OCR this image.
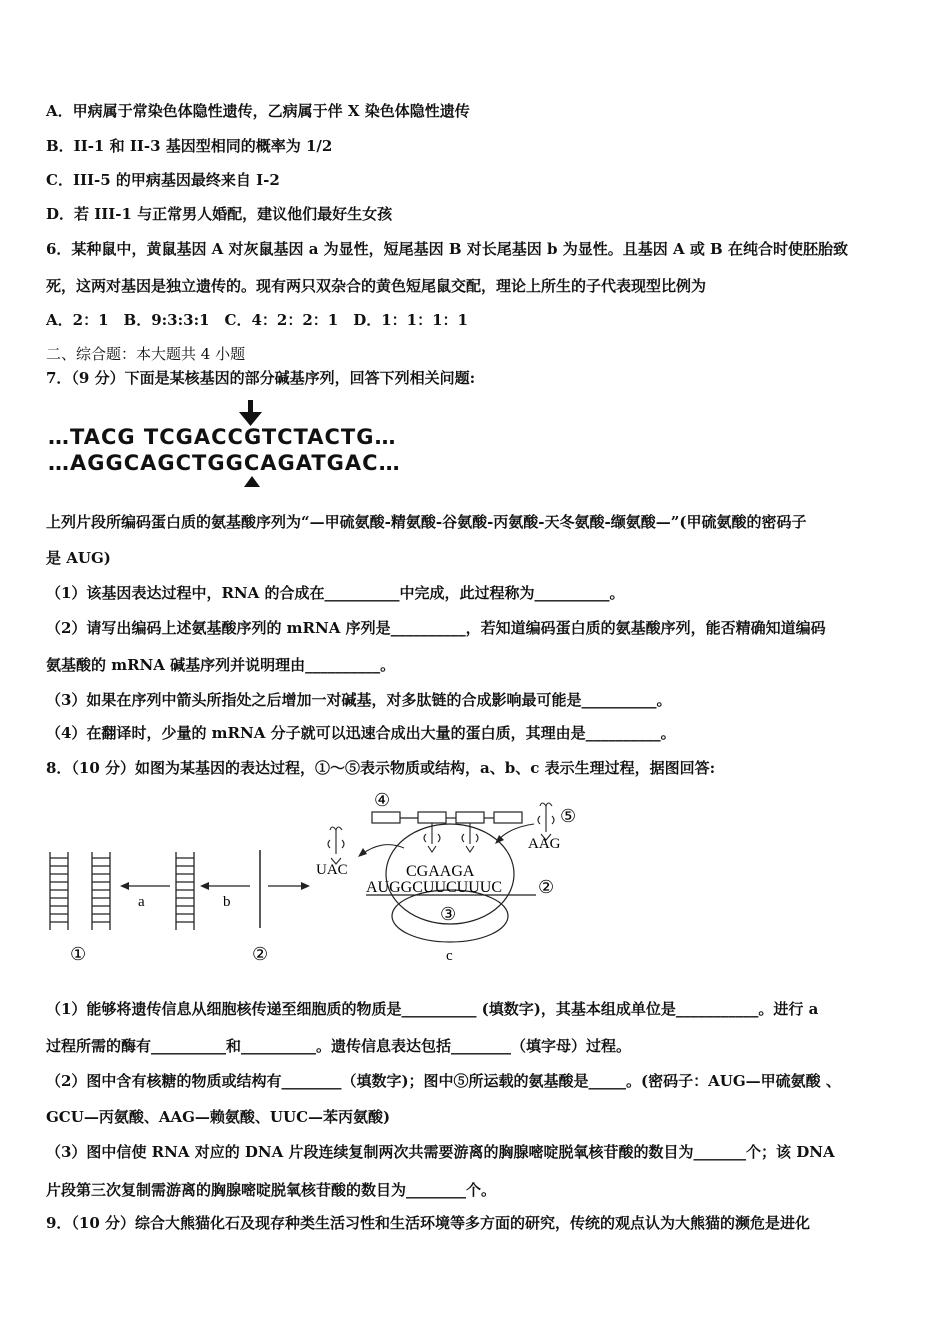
A．甲病属于常染色体隐性遗传，乙病属于伴 X 染色体隐性遗传
B．II-1 和 II-3 基因型相同的概率为 1/2
C．III-5 的甲病基因最终来自 I-2
D．若 III-1 与正常男人婚配，建议他们最好生女孩
6．某种鼠中，黄鼠基因 A 对灰鼠基因 a 为显性，短尾基因 B 对长尾基因 b 为显性。且基因 A 或 B 在纯合时使胚胎致
死，这两对基因是独立遗传的。现有两只双杂合的黄色短尾鼠交配，理论上所生的子代表现型比例为
A．2：1　B．9:3:3:1　C．4：2：2：1　D．1：1：1：1
二、综合题：本大题共 4 小题
7．（9 分）下面是某核基因的部分碱基序列，回答下列相关问题:
…TACG TCGACCGTCTACTG…
…AGGCAGCTGGCAGATGAC…
上列片段所编码蛋白质的氨基酸序列为“—甲硫氨酸-精氨酸-谷氨酸-丙氨酸-天冬氨酸-缬氨酸—”(甲硫氨酸的密码子
是 AUG)
（1）该基因表达过程中，RNA 的合成在__________中完成，此过程称为__________。
（2）请写出编码上述氨基酸序列的 mRNA 序列是__________，若知道编码蛋白质的氨基酸序列，能否精确知道编码
氨基酸的 mRNA 碱基序列并说明理由__________。
（3）如果在序列中箭头所指处之后增加一对碱基，对多肽链的合成影响最可能是__________。
（4）在翻译时，少量的 mRNA 分子就可以迅速合成出大量的蛋白质，其理由是__________。
8．（10 分）如图为某基因的表达过程，①～⑤表示物质或结构，a、b、c 表示生理过程，据图回答:
a	b
①	②
③
c
④
CGAAGA
AUGGCUUCUUUC ②
UAC
⑤
AAG
（1）能够将遗传信息从细胞核传递至细胞质的物质是__________ (填数字)，其基本组成单位是___________。进行 a
过程所需的酶有__________和__________。遗传信息表达包括________（填字母）过程。
（2）图中含有核糖的物质或结构有________（填数字)；图中⑤所运载的氨基酸是_____。(密码子：AUG—甲硫氨酸 、
GCU—丙氨酸、AAG—赖氨酸、UUC—苯丙氨酸)
（3）图中信使 RNA 对应的 DNA 片段连续复制两次共需要游离的胸腺嘧啶脱氧核苷酸的数目为_______个；该 DNA
片段第三次复制需游离的胸腺嘧啶脱氧核苷酸的数目为________个。
9．（10 分）综合大熊猫化石及现存种类生活习性和生活环境等多方面的研究，传统的观点认为大熊猫的濒危是进化
